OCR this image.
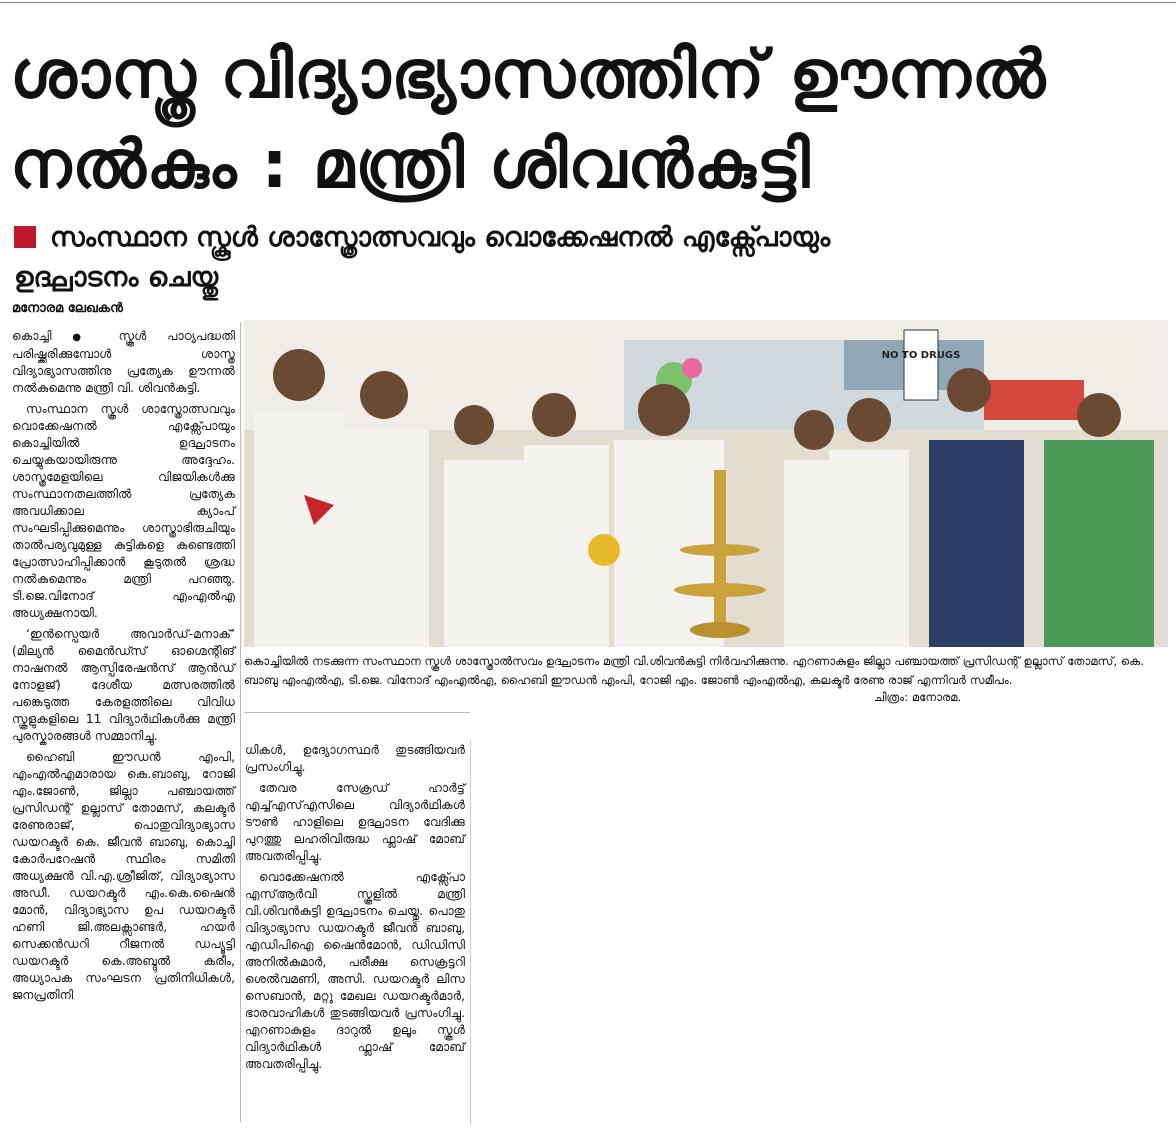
ശാസ്ത്ര വിദ്യാഭ്യാസത്തിന് ഊന്നൽ
നൽകും : മന്ത്രി ശിവൻകുട്ടി
സംസ്ഥാന സ്കൂൾ ശാസ്ത്രോത്സവവും വൊക്കേഷനൽ എക്സ്പോയും
ഉദ്ഘാടനം ചെയ്തു
മനോരമ ലേഖകൻ

കൊച്ചി ● സ്കൂൾ പാഠ്യപദ്ധതി പരിഷ്ക്കരിക്കുമ്പോൾ ശാസ്ത്ര വിദ്യാഭ്യാസത്തിനു പ്രത്യേക ഊന്നൽ നൽകുമെന്നു മന്ത്രി വി. ശിവൻകുട്ടി.

സംസ്ഥാന സ്കൂൾ ശാസ്ത്രോത്സവവും വൊക്കേഷനൽ എക്സ്പോയും കൊച്ചിയിൽ ഉദ്ഘാടനം ചെയ്യുകയായിരുന്നു അദ്ദേഹം. ശാസ്ത്രമേളയിലെ വിജയികൾക്കു സംസ്ഥാനതലത്തിൽ പ്രത്യേക അവധിക്കാല ക്യാംപ് സംഘടിപ്പിക്കുമെന്നും ശാസ്ത്രാഭിരുചിയും താൽപര്യവുമുള്ള കുട്ടികളെ കണ്ടെത്തി പ്രോത്സാഹിപ്പിക്കാൻ കൂടുതൽ ശ്രദ്ധ നൽകുമെന്നും മന്ത്രി പറഞ്ഞു. ടി.ജെ.വിനോദ് എംഎൽഎ അധ്യക്ഷനായി.

‘ഇൻസ്പെയർ അവാർഡ്-മനാക്’ (മില്യൻ മൈൻഡ്സ് ഓഗ്മെന്റിങ് നാഷനൽ ആസ്പിരേഷൻസ് ആൻഡ് നോളജ്) ദേശീയ മത്സരത്തിൽ പങ്കെടുത്ത കേരളത്തിലെ വിവിധ സ്കൂളുകളിലെ 11 വിദ്യാർഥികൾക്കു മന്ത്രി പുരസ്കാരങ്ങൾ സമ്മാനിച്ചു.

ഹൈബി ഈഡൻ എംപി, എംഎൽഎമാരായ കെ.ബാബു, റോജി എം.ജോൺ, ജില്ലാ പഞ്ചായത്ത് പ്രസിഡന്റ് ഉല്ലാസ് തോമസ്, കലക്ടർ രേണുരാജ്, പൊതുവിദ്യാഭ്യാസ ഡയറക്ടർ കെ. ജീവൻ ബാബു, കൊച്ചി കോർപറേഷൻ സ്ഥിരം സമിതി അധ്യക്ഷൻ വി.എ.ശ്രീജിത്, വിദ്യാഭ്യാസ അഡീ. ഡയറക്ടർ എം.കെ.ഷൈൻ മോൻ, വിദ്യാഭ്യാസ ഉപ ഡയറക്ടർ ഹണി ജി.അലക്സാണ്ടർ, ഹയർ സെക്കൻഡറി റീജനൽ ഡപ്യൂട്ടി ഡയറക്ടർ കെ.അബ്ദുൽ കരീം, അധ്യാപക സംഘടന പ്രതിനിധികൾ, ജനപ്രതിനി

NO TO DRUGS
കൊച്ചിയിൽ നടക്കുന്ന സംസ്ഥാന സ്കൂൾ ശാസ്ത്രോൽസവം ഉദ്ഘാടനം മന്ത്രി വി.ശിവൻകുട്ടി നിർവഹിക്കുന്നു. എറണാകുളം ജില്ലാ പഞ്ചായത്ത് പ്രസിഡന്റ് ഉല്ലാസ് തോമസ്, കെ. ബാബു എംഎൽഎ, ടി.ജെ. വിനോദ് എംഎൽഎ, ഹൈബി ഈഡൻ എംപി, റോജി എം. ജോൺ എംഎൽഎ, കലക്ടർ രേണു രാജ് എന്നിവർ സമീപം.
ചിത്രം: മനോരമ.

ധികൾ, ഉദ്യോഗസ്ഥർ തുടങ്ങിയവർ പ്രസംഗിച്ചു.

തേവര സേക്രഡ് ഹാർട്ട് എച്ച്എസ്എസിലെ വിദ്യാർഥികൾ ടൗൺ ഹാളിലെ ഉദ്ഘാടന വേദിക്കു പുറത്തു ലഹരിവിരുദ്ധ ഫ്ലാഷ് മോബ് അവതരിപ്പിച്ചു.

വൊക്കേഷനൽ എക്സ്പോ എസ്ആർവി സ്കൂളിൽ മന്ത്രി വി.ശിവൻകുട്ടി ഉദ്ഘാടനം ചെയ്തു. പൊതു വിദ്യാഭ്യാസ ഡയറക്ടർ ജീവൻ ബാബു, എഡിപിഐ ഷൈൻമോൻ, ഡിഡിസി അനിൽകുമാർ, പരീക്ഷ സെക്രട്ടറി ശെൽവമണി, അസി. ഡയറക്ടർ ലിസ സെബാൻ, മറ്റു മേഖല ഡയറക്ടർമാർ, ഭാരവാഹികൾ തുടങ്ങിയവർ പ്രസംഗിച്ചു. എറണാകുളം ദാറുൽ ഉലൂം സ്കൂൾ വിദ്യാർഥികൾ ഫ്ലാഷ് മോബ് അവതരിപ്പിച്ചു.
